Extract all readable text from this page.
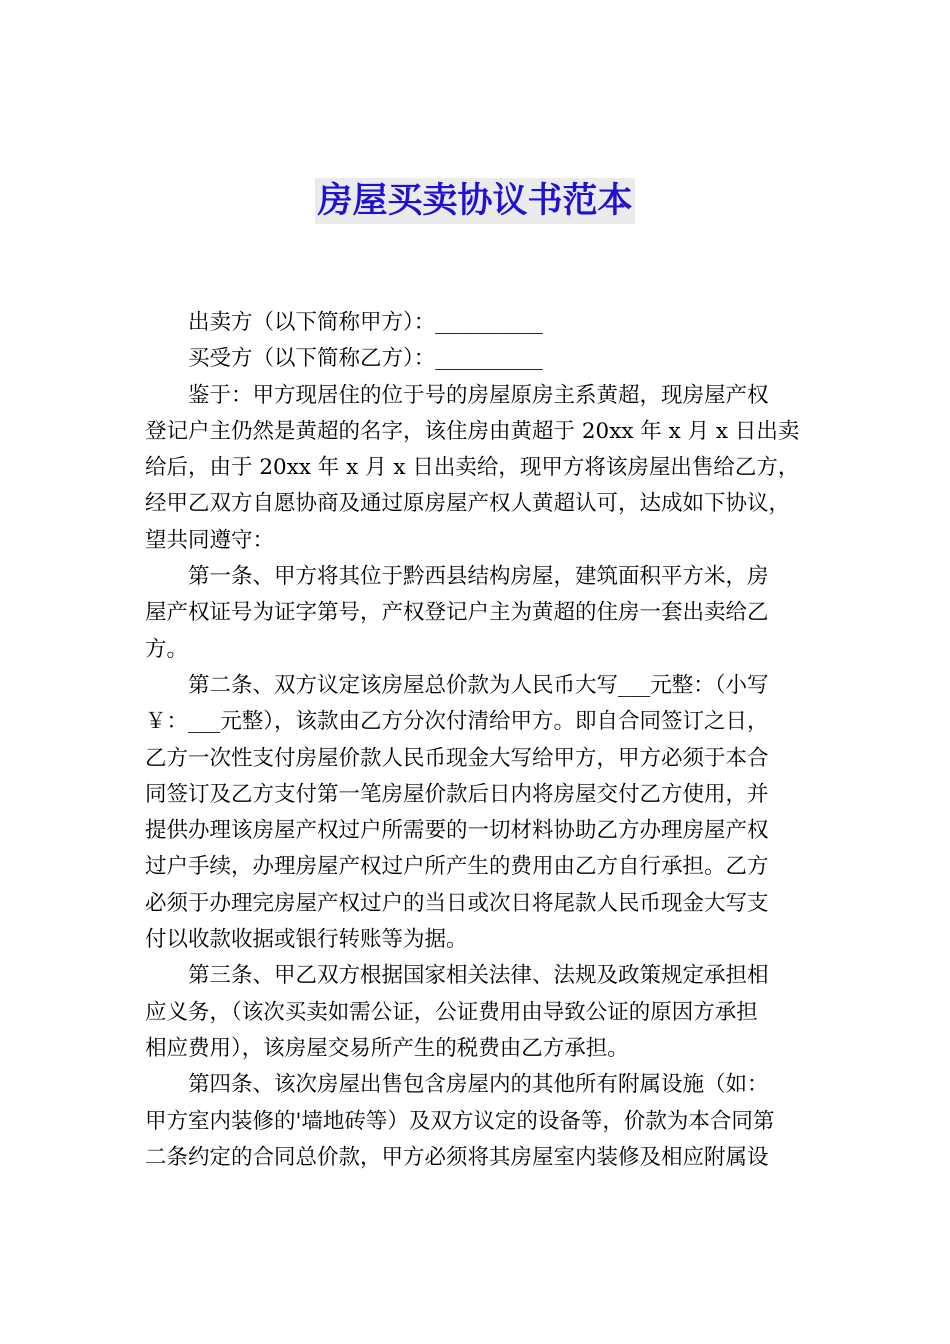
房屋买卖协议书范本

出卖方（以下简称甲方）：__________

买受方（以下简称乙方）：__________

鉴于：甲方现居住的位于号的房屋原房主系黄超，现房屋产权
登记户主仍然是黄超的名字，该住房由黄超于 20xx 年 x 月 x 日出卖
给后，由于 20xx 年 x 月 x 日出卖给，现甲方将该房屋出售给乙方，
经甲乙双方自愿协商及通过原房屋产权人黄超认可，达成如下协议，
望共同遵守：
第一条、甲方将其位于黔西县结构房屋，建筑面积平方米，房
屋产权证号为证字第号，产权登记户主为黄超的住房一套出卖给乙
方。
第二条、双方议定该房屋总价款为人民币大写___元整：（小写
￥：___元整），该款由乙方分次付清给甲方。即自合同签订之日，
乙方一次性支付房屋价款人民币现金大写给甲方，甲方必须于本合
同签订及乙方支付第一笔房屋价款后日内将房屋交付乙方使用，并
提供办理该房屋产权过户所需要的一切材料协助乙方办理房屋产权
过户手续，办理房屋产权过户所产生的费用由乙方自行承担。乙方
必须于办理完房屋产权过户的当日或次日将尾款人民币现金大写支
付以收款收据或银行转账等为据。
第三条、甲乙双方根据国家相关法律、法规及政策规定承担相
应义务，（该次买卖如需公证，公证费用由导致公证的原因方承担
相应费用），该房屋交易所产生的税费由乙方承担。
第四条、该次房屋出售包含房屋内的其他所有附属设施（如：
甲方室内装修的'墙地砖等）及双方议定的设备等，价款为本合同第
二条约定的合同总价款，甲方必须将其房屋室内装修及相应附属设
